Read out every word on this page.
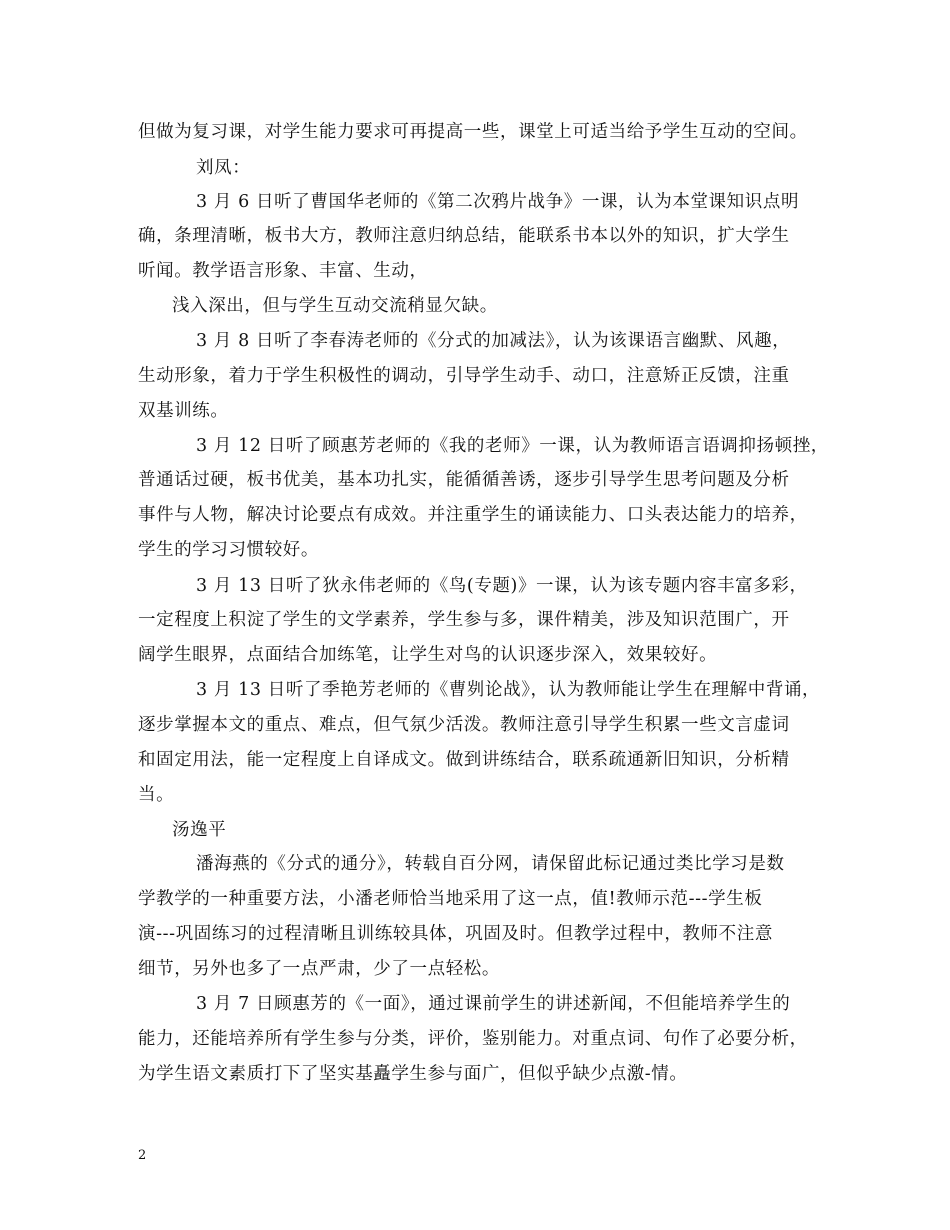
但做为复习课，对学生能力要求可再提高一些，课堂上可适当给予学生互动的空间。
刘凤：
3 月 6 日听了曹国华老师的《第二次鸦片战争》一课，认为本堂课知识点明
确，条理清晰，板书大方，教师注意归纳总结，能联系书本以外的知识，扩大学生
听闻。教学语言形象、丰富、生动，
浅入深出，但与学生互动交流稍显欠缺。
3 月 8 日听了李春涛老师的《分式的加减法》，认为该课语言幽默、风趣，
生动形象，着力于学生积极性的调动，引导学生动手、动口，注意矫正反馈，注重
双基训练。
3 月 12 日听了顾惠芳老师的《我的老师》一课，认为教师语言语调抑扬顿挫，
普通话过硬，板书优美，基本功扎实，能循循善诱，逐步引导学生思考问题及分析
事件与人物，解决讨论要点有成效。并注重学生的诵读能力、口头表达能力的培养，
学生的学习习惯较好。
3 月 13 日听了狄永伟老师的《鸟(专题)》一课，认为该专题内容丰富多彩，
一定程度上积淀了学生的文学素养，学生参与多，课件精美，涉及知识范围广，开
阔学生眼界，点面结合加练笔，让学生对鸟的认识逐步深入，效果较好。
3 月 13 日听了季艳芳老师的《曹刿论战》，认为教师能让学生在理解中背诵，
逐步掌握本文的重点、难点，但气氛少活泼。教师注意引导学生积累一些文言虚词
和固定用法，能一定程度上自译成文。做到讲练结合，联系疏通新旧知识，分析精
当。
汤逸平
潘海燕的《分式的通分》，转载自百分网，请保留此标记通过类比学习是数
学教学的一种重要方法，小潘老师恰当地采用了这一点，值!教师示范---学生板
演---巩固练习的过程清晰且训练较具体，巩固及时。但教学过程中，教师不注意
细节，另外也多了一点严肃，少了一点轻松。
3 月 7 日顾惠芳的《一面》，通过课前学生的讲述新闻，不但能培养学生的
能力，还能培养所有学生参与分类，评价，鉴别能力。对重点词、句作了必要分析，
为学生语文素质打下了坚实基矗学生参与面广，但似乎缺少点激-情。
2
